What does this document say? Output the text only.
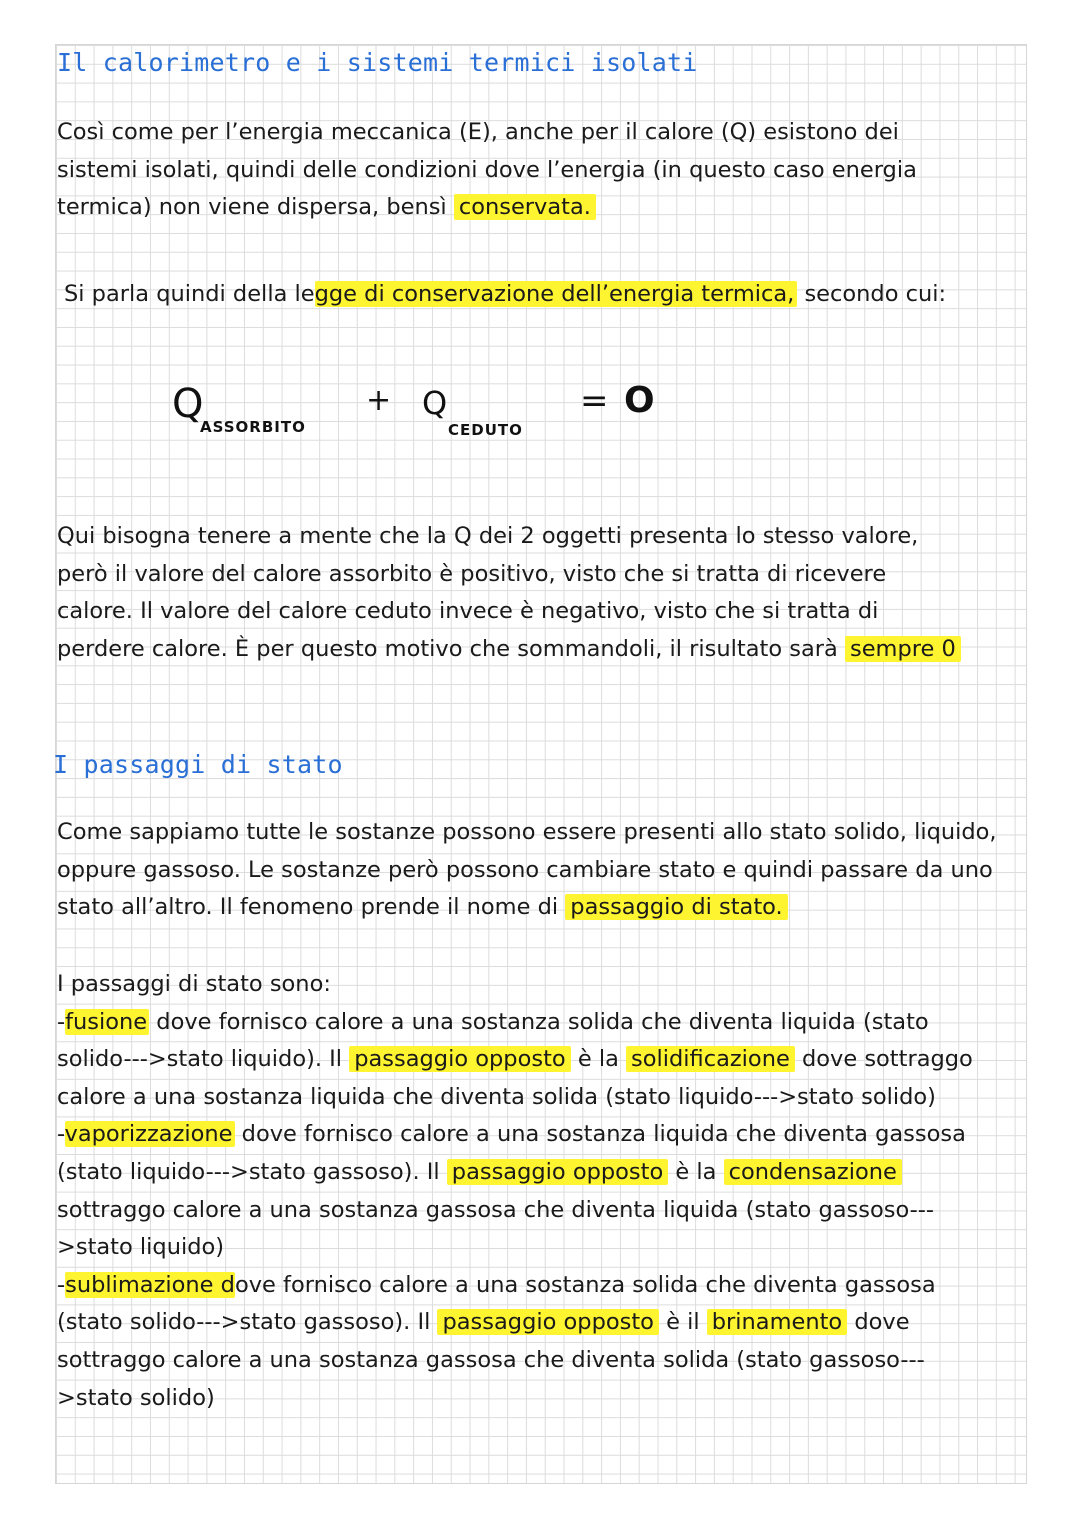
Il calorimetro e i sistemi termici isolati

Così come per l’energia meccanica (E), anche per il calore (Q) esistono dei
sistemi isolati, quindi delle condizioni dove l’energia (in questo caso energia
termica) non viene dispersa, bensì conservata.

Si parla quindi della legge di conservazione dell’energia termica, secondo cui:

Q
ASSORBITO
+ Q
CEDUTO
= O

Qui bisogna tenere a mente che la Q dei 2 oggetti presenta lo stesso valore,
però il valore del calore assorbito è positivo, visto che si tratta di ricevere
calore. Il valore del calore ceduto invece è negativo, visto che si tratta di
perdere calore. È per questo motivo che sommandoli, il risultato sarà sempre 0

I passaggi di stato

Come sappiamo tutte le sostanze possono essere presenti allo stato solido, liquido,
oppure gassoso. Le sostanze però possono cambiare stato e quindi passare da uno
stato all’altro. Il fenomeno prende il nome di passaggio di stato.

I passaggi di stato sono:
-fusione dove fornisco calore a una sostanza solida che diventa liquida (stato
solido--->stato liquido). Il passaggio opposto è la solidificazione dove sottraggo
calore a una sostanza liquida che diventa solida (stato liquido--->stato solido)
-vaporizzazione dove fornisco calore a una sostanza liquida che diventa gassosa
(stato liquido--->stato gassoso). Il passaggio opposto è la condensazione
sottraggo calore a una sostanza gassosa che diventa liquida (stato gassoso---
>stato liquido)
-sublimazione dove fornisco calore a una sostanza solida che diventa gassosa
(stato solido--->stato gassoso). Il passaggio opposto è il brinamento dove
sottraggo calore a una sostanza gassosa che diventa solida (stato gassoso---
>stato solido)
